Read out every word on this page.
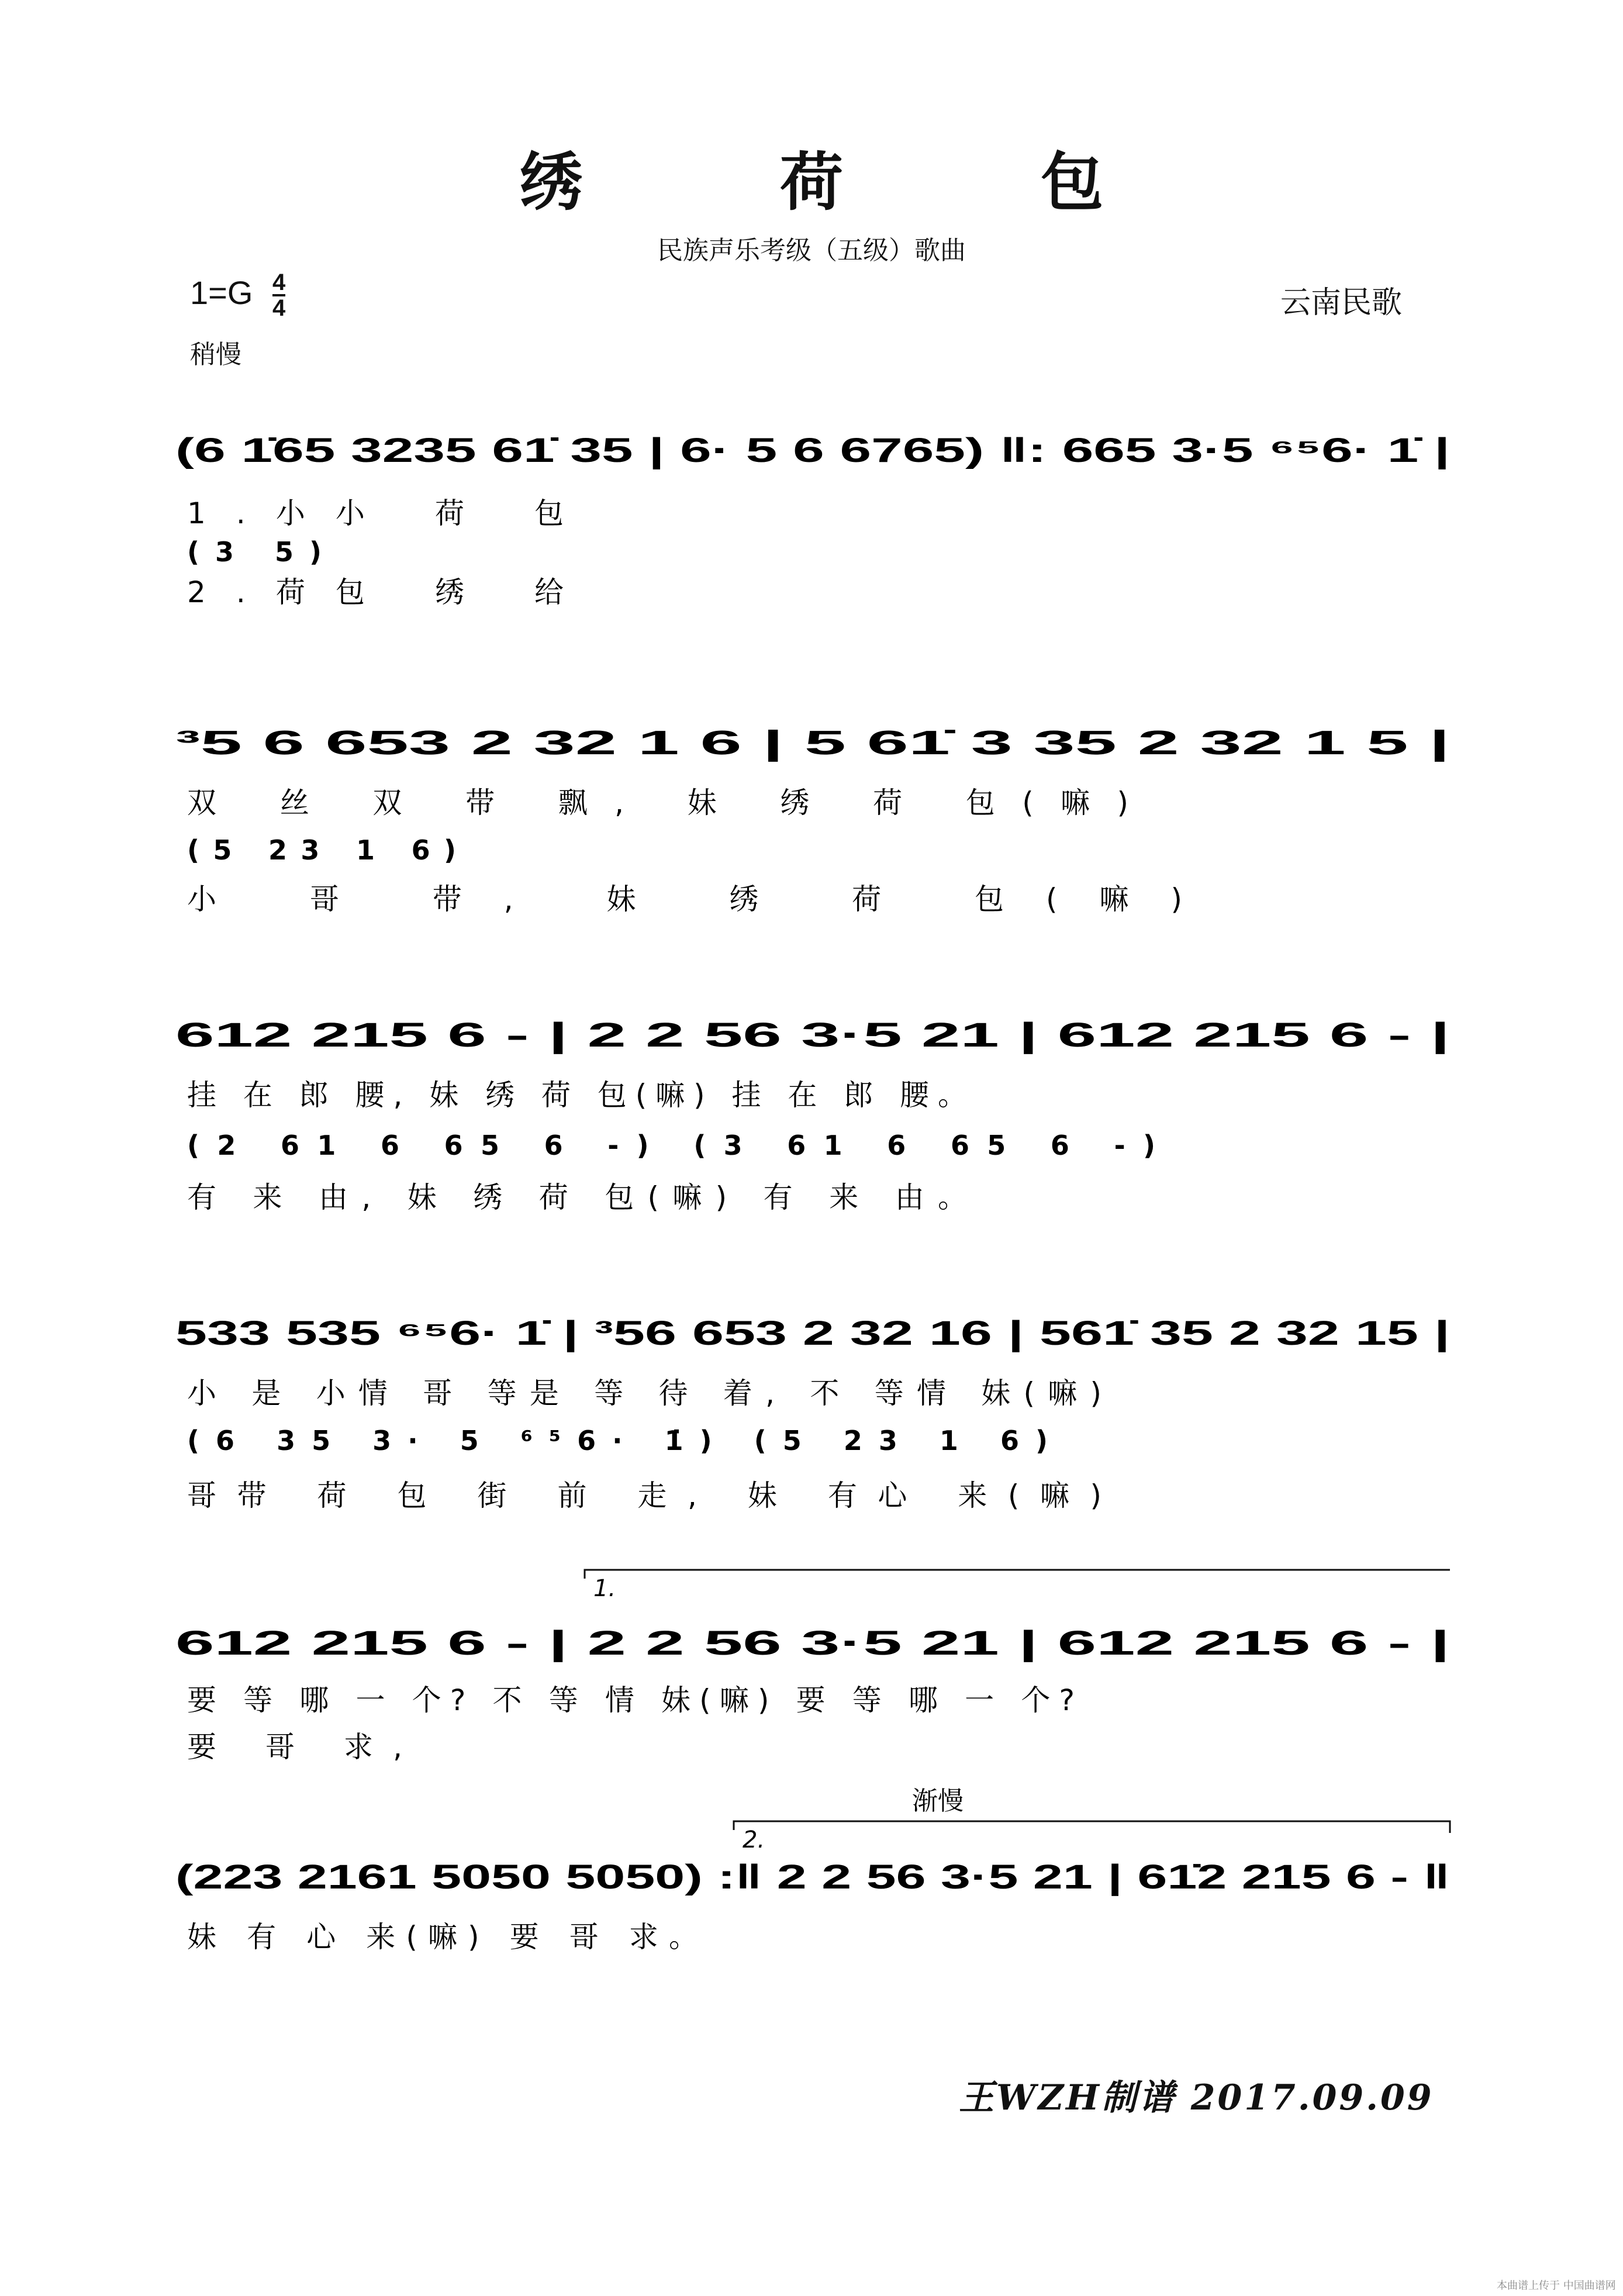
绣 荷 包
民族声乐考级（五级）歌曲
$1=G \frac{4}{4}$
稍慢
云南民歌
(6 1̇65 3235 61̇ 35 | 6· 5 6 6765) ‖: 665 3·5 ⁶⁵6· 1̇ |
1.小小 荷 包
(3 5)
2.荷包 绣 给
³5 6 653 2 32 1 6 | 5 61̇ 3 35 2 32 1 5 |
双 丝 双 带 飘, 妹 绣 荷 包(嘛)
(5 23 1 6)
小 哥 带, 妹 绣 荷 包(嘛)
612 215 6 - | 2 2 56 3·5 21 | 612 215 6 - |
挂 在 郎 腰, 妹 绣 荷 包(嘛) 挂 在 郎 腰。
(2 61 6 65 6 -) (3 61 6 65 6 -)
有 来 由, 妹 绣 荷 包(嘛) 有 来 由。
533 535 ⁶⁵6· 1̇ | ³56 653 2 32 16 | 561̇ 35 2 32 15 |
小 是 小情 哥 等是 等 待 着, 不 等情 妹(嘛)
(6 35 3· 5 ⁶⁵6· 1̇) (5 23 1 6)
哥带 荷 包 街 前 走, 妹 有心 来(嘛)
612 215 6 - | 2 2 56 3·5 21 | 612 215 6 - |
要 等 哪 一 个? 不 等 情 妹(嘛) 要 等 哪 一 个?
要 哥 求,
(223 2161 5050 5050) :‖ 2 2 56 3·5 21 | 61̇2 215 6 - ‖
妹 有 心 来(嘛) 要 哥 求。
1.
2.
渐慢
王WZH制谱 2017.09.09
本曲谱上传于 中国曲谱网
